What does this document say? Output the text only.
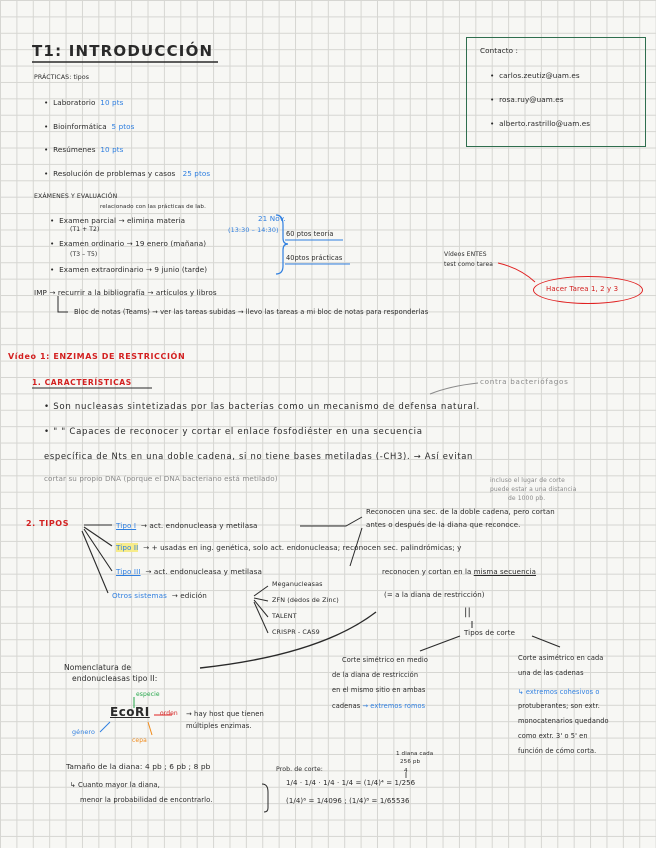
T1: INTRODUCCIÓN
PRÁCTICAS: tipos
Contacto :
•  carlos.zeutiz@uam.es
•  rosa.ruy@uam.es
•  alberto.rastrillo@uam.es
•  Laboratorio 10 pts
•  Bioinformática 5 ptos
•  Resúmenes 10 pts
•  Resolución de problemas y casos 25 ptos
EXÁMENES Y EVALUACIÓN
relacionado con las prácticas de lab.
•  Examen parcial → elimina materia	21 Nov.
(T1 + T2)	(13:30 – 14:30)
•  Examen ordinario → 19 enero (mañana)
(T3 – T5)
•  Examen extraordinario → 9 junio (tarde)
60 ptos teoría
40ptos prácticas	Vídeos ENTES
test como tarea
Hacer Tarea 1, 2 y 3
IMP → recurrir a la bibliografía → artículos y libros
Bloc de notas (Teams) → ver las tareas subidas → llevo las tareas a mi bloc de notas para responderlas
Vídeo 1: ENZIMAS DE RESTRICCIÓN
1. CARACTERÍSTICAS	contra bacteriófagos
• Son nucleasas sintetizadas por las bacterias como un mecanismo de defensa natural.
• " " Capaces de reconocer y cortar el enlace fosfodiéster en una secuencia
específica de Nts en una doble cadena, si no tiene bases metiladas (-CH3). → Así evitan
cortar su propio DNA (porque el DNA bacteriano está metilado)
2. TIPOS	Tipo I → act. endonucleasa y metilasa
Tipo II → + usadas en ing. genética, solo act. endonucleasa; reconocen sec. palindrómicas; y
Tipo III → act. endonucleasa y metilasa
Otros sistemas → edición
Meganucleasas
ZFN (dedos de Zinc)
TALENT
CRISPR - CAS9
incluso el lugar de corte
puede estar a una distancia
de 1000 pb.
Reconocen una sec. de la doble cadena, pero cortan
antes o después de la diana que reconoce.
reconocen y cortan en la misma secuencia
(= a la diana de restricción)
||
Tipos de corte
Corte simétrico en medio
de la diana de restricción
en el mismo sitio en ambas
cadenas → extremos romos
Corte asimétrico en cada
una de las cadenas
↳ extremos cohesivos o
protuberantes; son extr.
monocatenarios quedando
como extr. 3' o 5' en
función de cómo corta.
Nomenclatura de
endonucleasas tipo II:
especie
EcoRI orden → hay host que tienen
múltiples enzimas.
género
cepa
Tamaño de la diana: 4 pb ; 6 pb ; 8 pb
↳ Cuanto mayor la diana,
menor la probabilidad de encontrarlo.
Prob. de corte:
1/4 · 1/4 · 1/4 · 1/4 = (1/4)⁴ = 1/256
(1/4)⁶ = 1/4096 ; (1/4)⁸ = 1/65536
1 diana cada
256 pb
4
